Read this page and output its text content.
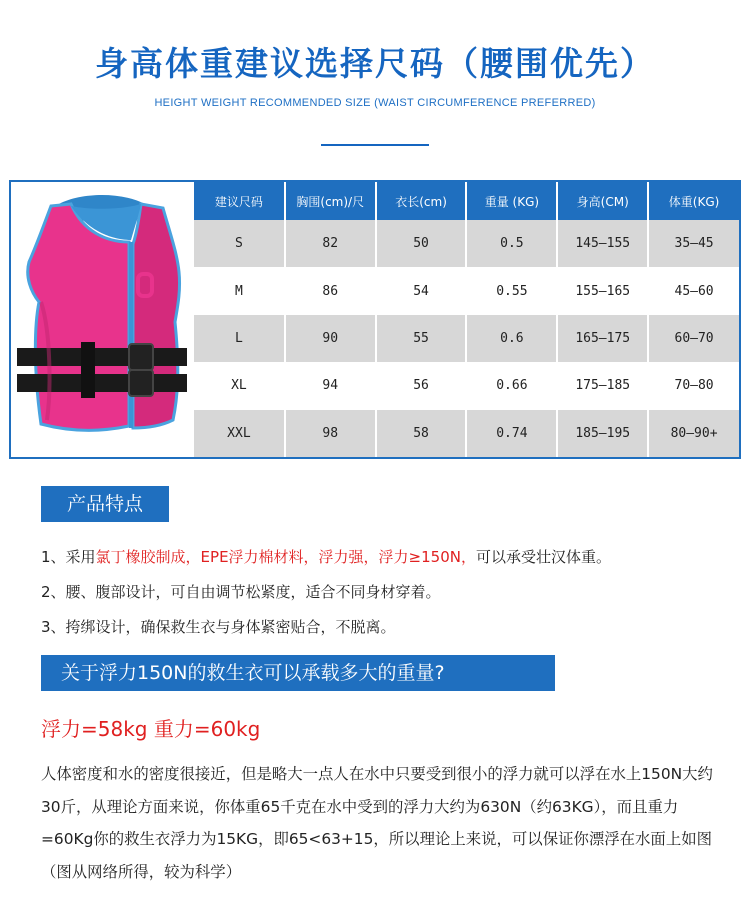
身高体重建议选择尺码（腰围优先）
HEIGHT WEIGHT RECOMMENDED SIZE (WAIST CIRCUMFERENCE PREFERRED)
建议尺码	胸围(cm)/尺	衣长(cm)	重量 (KG)	身高(CM)	体重(KG)
S	82	50	0.5	145—155	35—45
M	86	54	0.55	155—165	45—60
L	90	55	0.6	165—175	60—70
XL	94	56	0.66	175—185	70—80
XXL	98	58	0.74	185—195	80—90+
产品特点
1、采用氯丁橡胶制成，EPE浮力棉材料，浮力强，浮力≥150N，可以承受壮汉体重。
2、腰、腹部设计，可自由调节松紧度，适合不同身材穿着。
3、挎绑设计，确保救生衣与身体紧密贴合，不脱离。
关于浮力150N的救生衣可以承载多大的重量?
浮力=58kg 重力=60kg
人体密度和水的密度很接近，但是略大一点人在水中只要受到很小的浮力就可以浮在水上150N大约30斤，从理论方面来说，你体重65千克在水中受到的浮力大约为630N（约63KG），而且重力=60Kg你的救生衣浮力为15KG，即65<63+15，所以理论上来说，可以保证你漂浮在水面上如图（图从网络所得，较为科学）
